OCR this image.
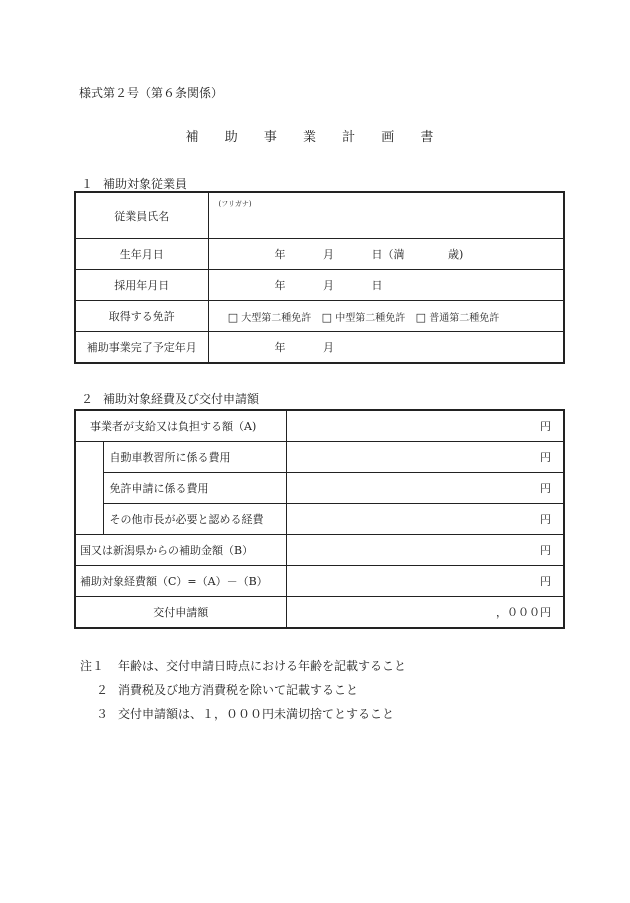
様式第２号（第６条関係）
補 助 事 業 計 画 書
１ 補助対象従業員
従業員氏名	(フリガナ)

生年月日	年 月 日（満 歳)
採用年月日	年 月 日
取得する免許	□ 大型第二種免許 □ 中型第二種免許 □ 普通第二種免許
補助事業完了予定年月	年 月
２ 補助対象経費及び交付申請額
事業者が支給又は負担する額（A)		円
	自動車教習所に係る費用	円
	免許申請に係る費用	円
	その他市長が必要と認める経費	円
国又は新潟県からの補助金額（B）		円
補助対象経費額（C）=（A）－（B）		円
交付申請額		，０００円
注１ 年齢は、交付申請日時点における年齢を記載すること
２ 消費税及び地方消費税を除いて記載すること
３ 交付申請額は、１，０００円未満切捨てとすること
